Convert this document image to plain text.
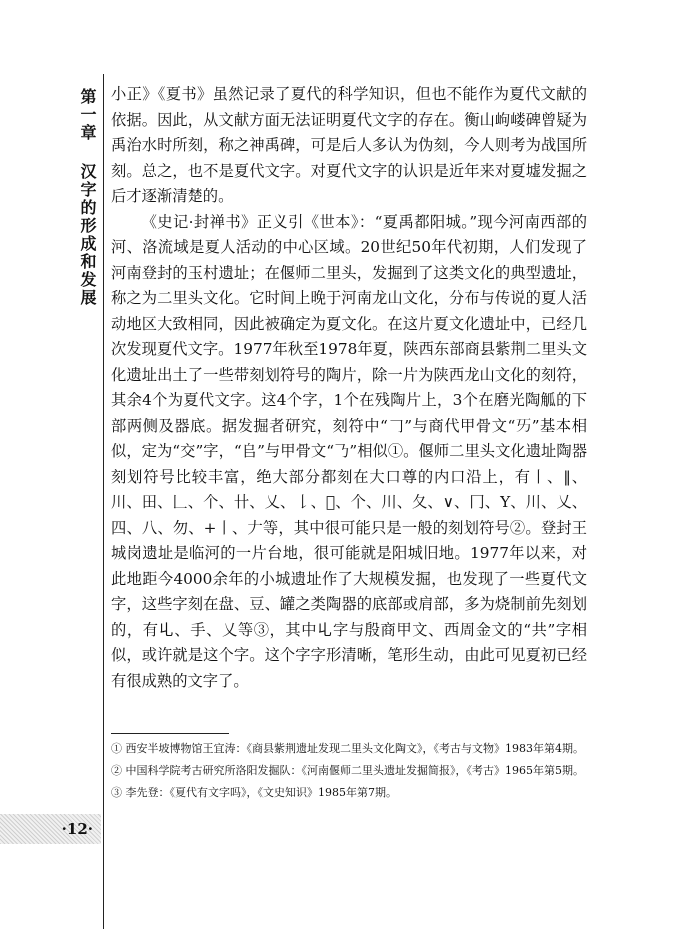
第一章 汉字的形成和发展
·12·

小正》《夏书》虽然记录了夏代的科学知识，但也不能作为夏代文献的依据。因此，从文献方面无法证明夏代文字的存在。衡山岣嵝碑曾疑为禹治水时所刻，称之神禹碑，可是后人多认为伪刻，今人则考为战国所刻。总之，也不是夏代文字。对夏代文字的认识是近年来对夏墟发掘之后才逐渐清楚的。

《史记·封禅书》正义引《世本》：“夏禹都阳城。”现今河南西部的河、洛流域是夏人活动的中心区域。20世纪50年代初期，人们发现了河南登封的玉村遗址；在偃师二里头，发掘到了这类文化的典型遗址，称之为二里头文化。它时间上晚于河南龙山文化，分布与传说的夏人活动地区大致相同，因此被确定为夏文化。在这片夏文化遗址中，已经几次发现夏代文字。1977年秋至1978年夏，陕西东部商县紫荆二里头文化遗址出土了一些带刻划符号的陶片，除一片为陕西龙山文化的刻符，其余4个为夏代文字。这4个字，1个在残陶片上，3个在磨光陶觚的下部两侧及器底。据发掘者研究，刻符中“𠃌”与商代甲骨文“𠀅”基本相似，定为“交”字，“𠂤”与甲骨文“𠄎”相似①。偃师二里头文化遗址陶器刻划符号比较丰富，绝大部分都刻在大口尊的内口沿上，有丨、‖、川、田、𠃊、个、卄、乂、𠄌、𠃎、个、川、夂、∨、冂、Y、川、乂、四、八、勿、+丨、𠂇等，其中很可能只是一般的刻划符号②。登封王城岗遗址是临河的一片台地，很可能就是阳城旧地。1977年以来，对此地距今4000余年的小城遗址作了大规模发掘，也发现了一些夏代文字，这些字刻在盘、豆、罐之类陶器的底部或肩部，多为烧制前先刻划的，有𠃏、手、乂等③，其中𠃏字与殷商甲文、西周金文的“共”字相似，或许就是这个字。这个字字形清晰，笔形生动，由此可见夏初已经有很成熟的文字了。

① 西安半坡博物馆王宜涛：《商县紫荆遗址发现二里头文化陶文》，《考古与文物》1983年第4期。

② 中国科学院考古研究所洛阳发掘队：《河南偃师二里头遗址发掘简报》，《考古》1965年第5期。

③ 李先登：《夏代有文字吗》，《文史知识》1985年第7期。
